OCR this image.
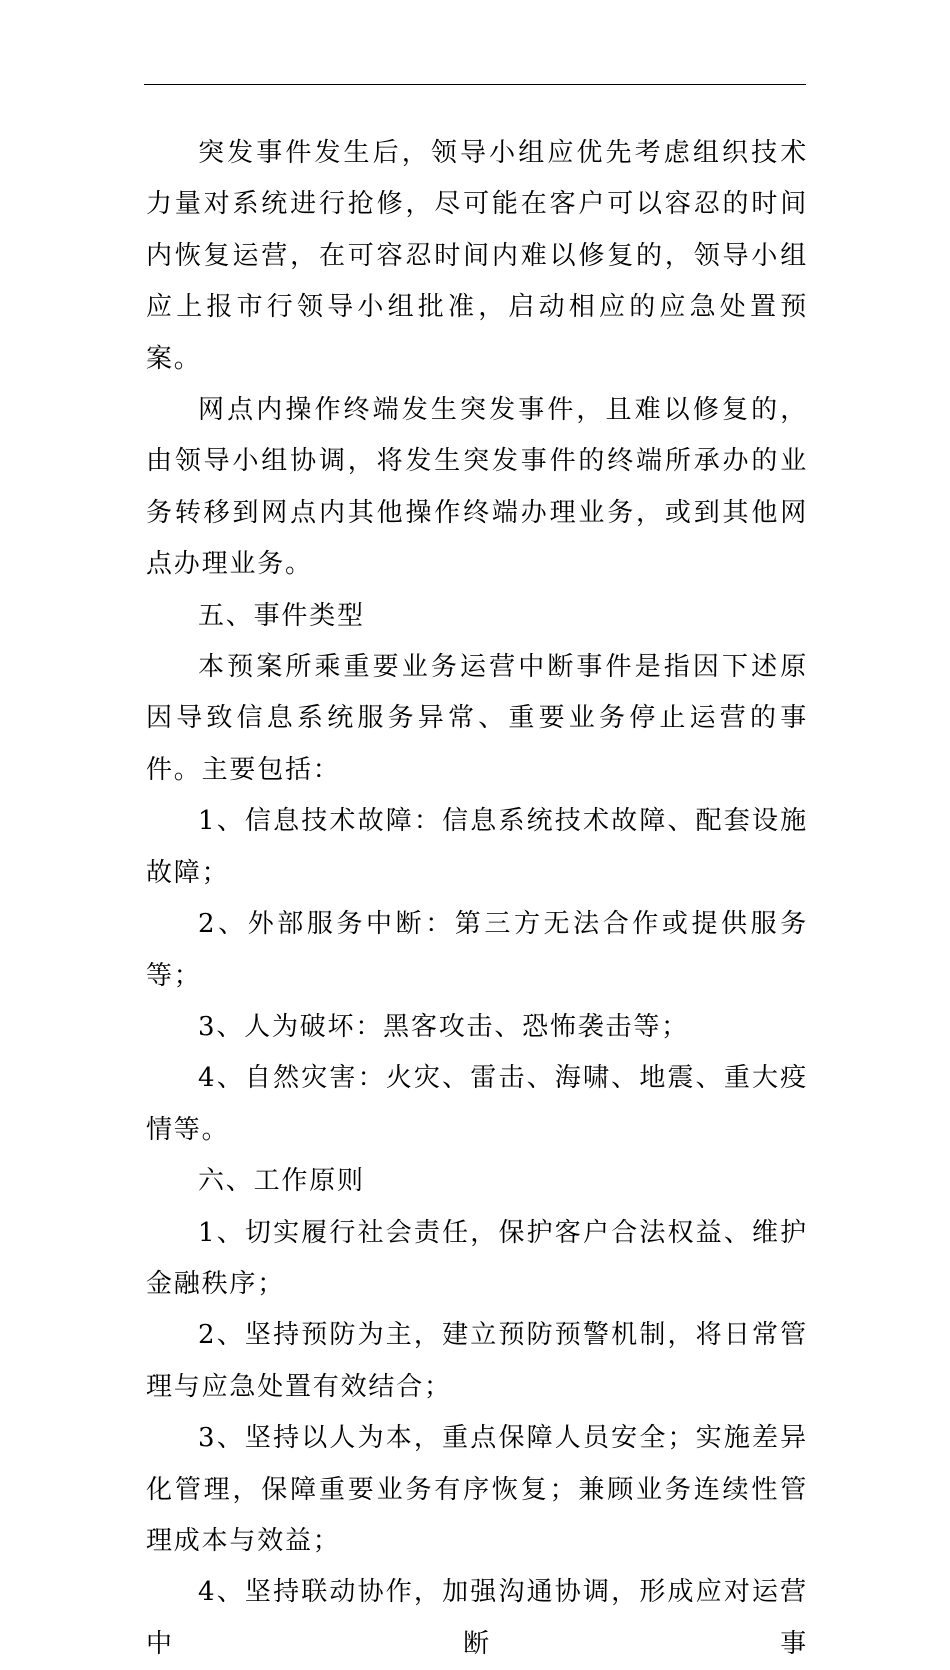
突发事件发生后，领导小组应优先考虑组织技术力量对系统进行抢修，尽可能在客户可以容忍的时间内恢复运营，在可容忍时间内难以修复的，领导小组应上报市行领导小组批准，启动相应的应急处置预案。

网点内操作终端发生突发事件，且难以修复的，由领导小组协调，将发生突发事件的终端所承办的业务转移到网点内其他操作终端办理业务，或到其他网点办理业务。

五、事件类型

本预案所乘重要业务运营中断事件是指因下述原因导致信息系统服务异常、重要业务停止运营的事件。主要包括：

1、信息技术故障：信息系统技术故障、配套设施故障；

2、外部服务中断：第三方无法合作或提供服务等；

3、人为破坏：黑客攻击、恐怖袭击等；

4、自然灾害：火灾、雷击、海啸、地震、重大疫情等。

六、工作原则

1、切实履行社会责任，保护客户合法权益、维护金融秩序；

2、坚持预防为主，建立预防预警机制，将日常管理与应急处置有效结合；

3、坚持以人为本，重点保障人员安全；实施差异化管理，保障重要业务有序恢复；兼顾业务连续性管理成本与效益；

4、坚持联动协作，加强沟通协调，形成应对运营中断事
